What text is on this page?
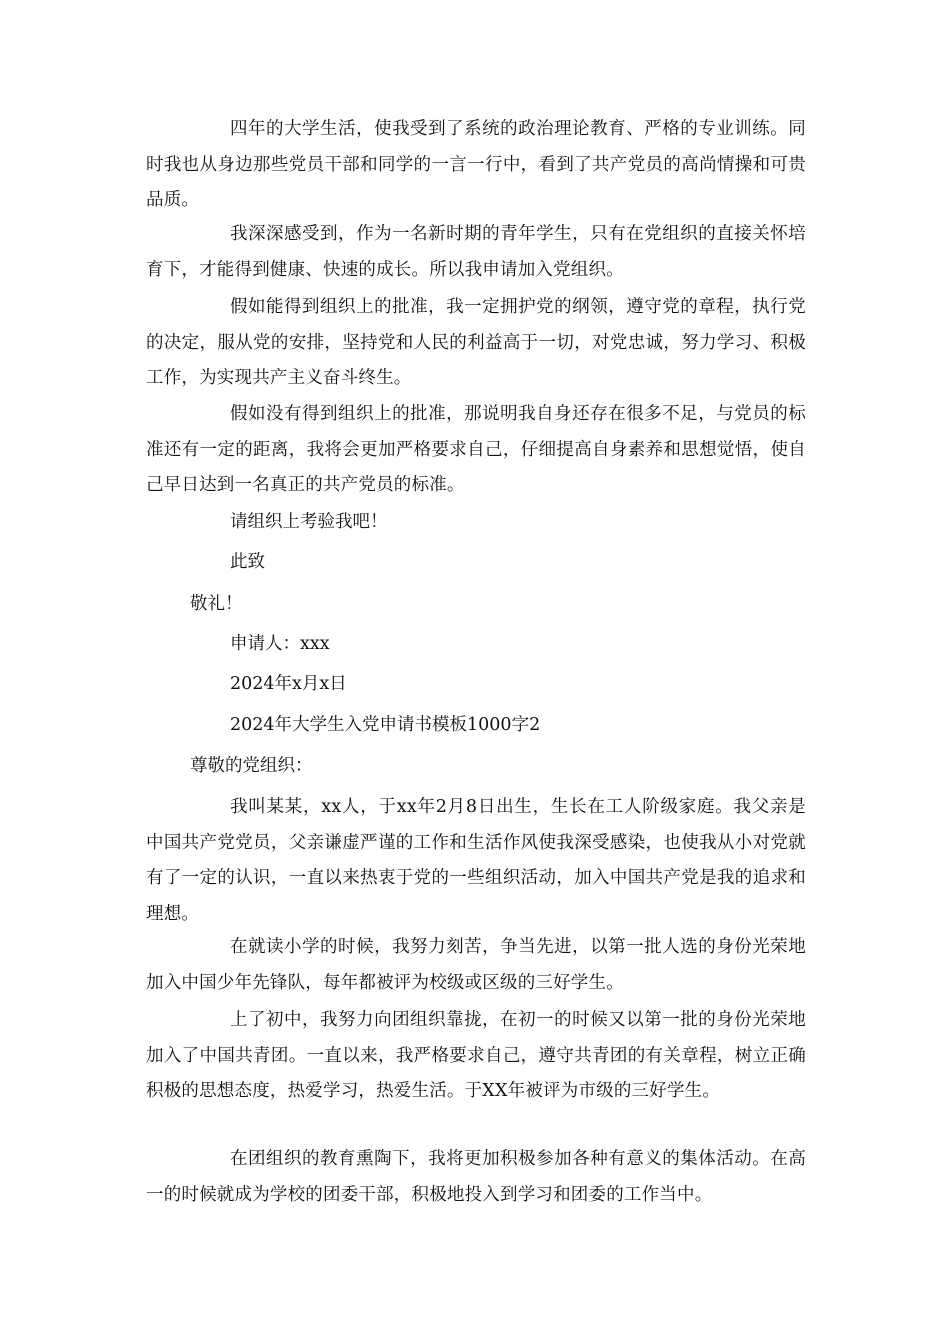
四年的大学生活，使我受到了系统的政治理论教育、严格的专业训练。同时我也从身边那些党员干部和同学的一言一行中，看到了共产党员的高尚情操和可贵品质。

我深深感受到，作为一名新时期的青年学生，只有在党组织的直接关怀培育下，才能得到健康、快速的成长。所以我申请加入党组织。

假如能得到组织上的批准，我一定拥护党的纲领，遵守党的章程，执行党的决定，服从党的安排，坚持党和人民的利益高于一切，对党忠诚，努力学习、积极工作，为实现共产主义奋斗终生。

假如没有得到组织上的批准，那说明我自身还存在很多不足，与党员的标准还有一定的距离，我将会更加严格要求自己，仔细提高自身素养和思想觉悟，使自己早日达到一名真正的共产党员的标准。

请组织上考验我吧！

此致

敬礼！

申请人：xxx

2024年x月x日

2024年大学生入党申请书模板1000字2

尊敬的党组织：

我叫某某，xx人，于xx年2月8日出生，生长在工人阶级家庭。我父亲是中国共产党党员，父亲谦虚严谨的工作和生活作风使我深受感染，也使我从小对党就有了一定的认识，一直以来热衷于党的一些组织活动，加入中国共产党是我的追求和理想。

在就读小学的时候，我努力刻苦，争当先进，以第一批人选的身份光荣地加入中国少年先锋队，每年都被评为校级或区级的三好学生。

上了初中，我努力向团组织靠拢，在初一的时候又以第一批的身份光荣地加入了中国共青团。一直以来，我严格要求自己，遵守共青团的有关章程，树立正确积极的思想态度，热爱学习，热爱生活。于XX年被评为市级的三好学生。

在团组织的教育熏陶下，我将更加积极参加各种有意义的集体活动。在高一的时候就成为学校的团委干部，积极地投入到学习和团委的工作当中。
